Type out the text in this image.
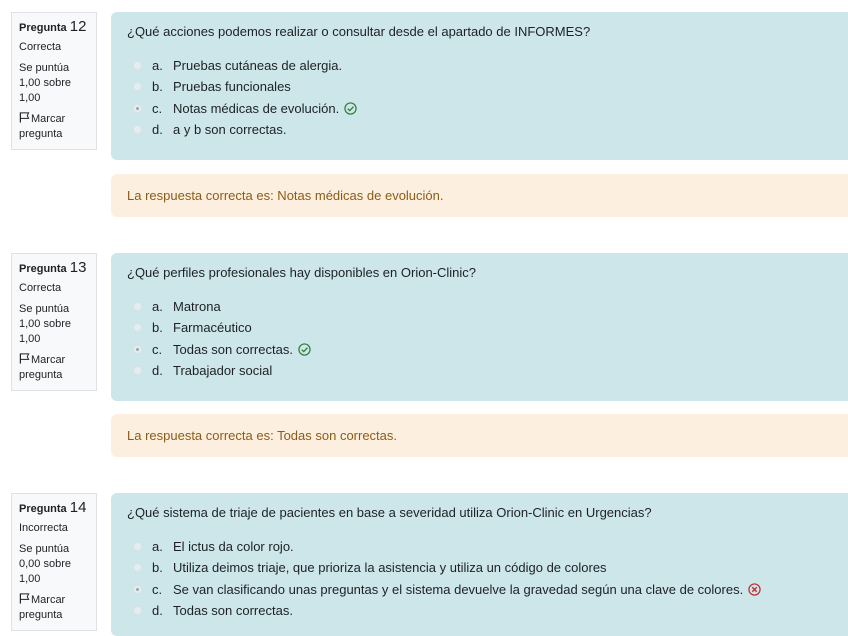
Pregunta 12
Correcta
Se puntúa 1,00 sobre 1,00
Marcar pregunta

¿Qué acciones podemos realizar o consultar desde el apartado de INFORMES?

a. Pruebas cutáneas de alergia.
b. Pruebas funcionales
c. Notas médicas de evolución.
d. a y b son correctas.
La respuesta correcta es: Notas médicas de evolución.
Pregunta 13
Correcta
Se puntúa 1,00 sobre 1,00
Marcar pregunta

¿Qué perfiles profesionales hay disponibles en Orion-Clinic?

a. Matrona
b. Farmacéutico
c. Todas son correctas.
d. Trabajador social
La respuesta correcta es: Todas son correctas.
Pregunta 14
Incorrecta
Se puntúa 0,00 sobre 1,00
Marcar pregunta

¿Qué sistema de triaje de pacientes en base a severidad utiliza Orion-Clinic en Urgencias?

a. El ictus da color rojo.
b. Utiliza deimos triaje, que prioriza la asistencia y utiliza un código de colores
c. Se van clasificando unas preguntas y el sistema devuelve la gravedad según una clave de colores.
d. Todas son correctas.
